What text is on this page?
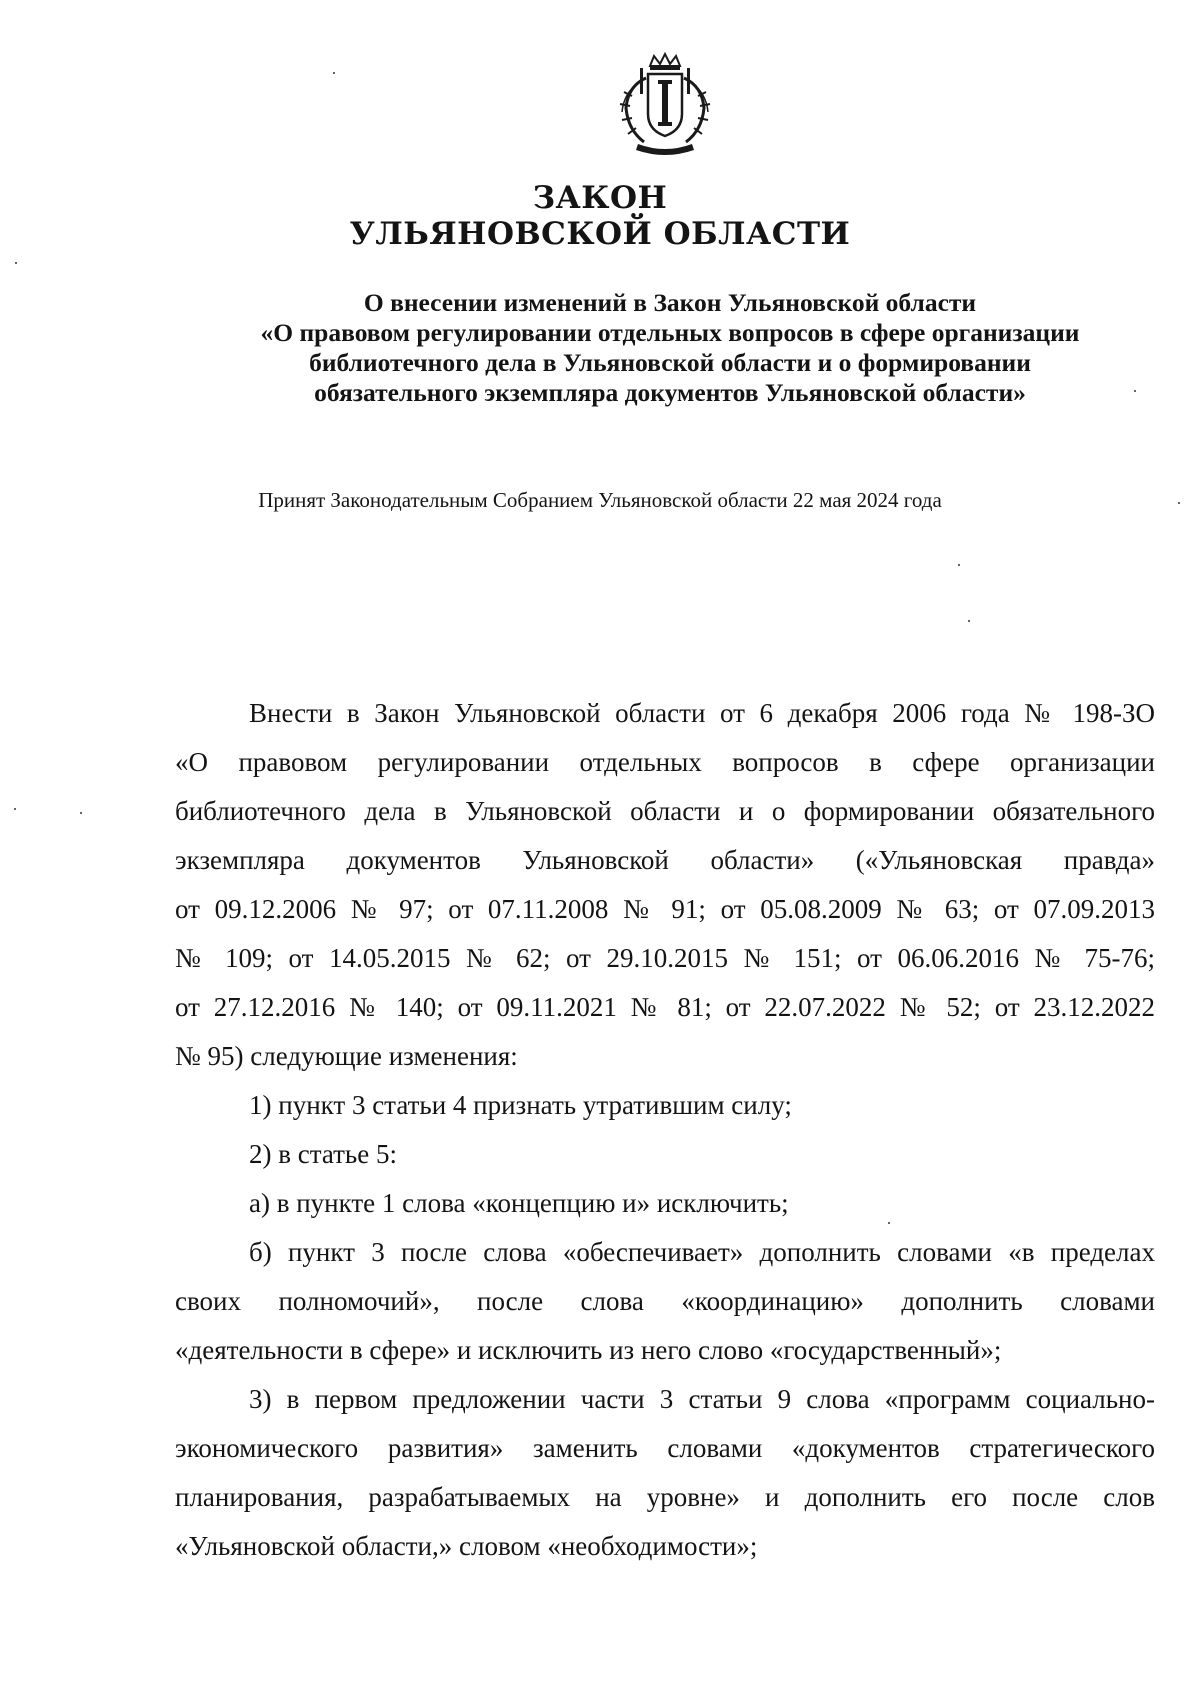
ЗАКОН
УЛЬЯНОВСКОЙ ОБЛАСТИ
О внесении изменений в Закон Ульяновской области
«О правовом регулировании отдельных вопросов в сфере организации
библиотечного дела в Ульяновской области и о формировании
обязательного экземпляра документов Ульяновской области»

Принят Законодательным Собранием Ульяновской области 22 мая 2024 года

Внести в Закон Ульяновской области от 6 декабря 2006 года № 198-ЗО
«О правовом регулировании отдельных вопросов в сфере организации
библиотечного дела в Ульяновской области и о формировании обязательного
экземпляра документов Ульяновской области» («Ульяновская правда»
от 09.12.2006 № 97; от 07.11.2008 № 91; от 05.08.2009 № 63; от 07.09.2013
№ 109; от 14.05.2015 № 62; от 29.10.2015 № 151; от 06.06.2016 № 75-76;
от 27.12.2016 № 140; от 09.11.2021 № 81; от 22.07.2022 № 52; от 23.12.2022
№ 95) следующие изменения:
1) пункт 3 статьи 4 признать утратившим силу;
2) в статье 5:
а) в пункте 1 слова «концепцию и» исключить;
б) пункт 3 после слова «обеспечивает» дополнить словами «в пределах
своих полномочий», после слова «координацию» дополнить словами
«деятельности в сфере» и исключить из него слово «государственный»;
3) в первом предложении части 3 статьи 9 слова «программ социально-
экономического развития» заменить словами «документов стратегического
планирования, разрабатываемых на уровне» и дополнить его после слов
«Ульяновской области,» словом «необходимости»;
